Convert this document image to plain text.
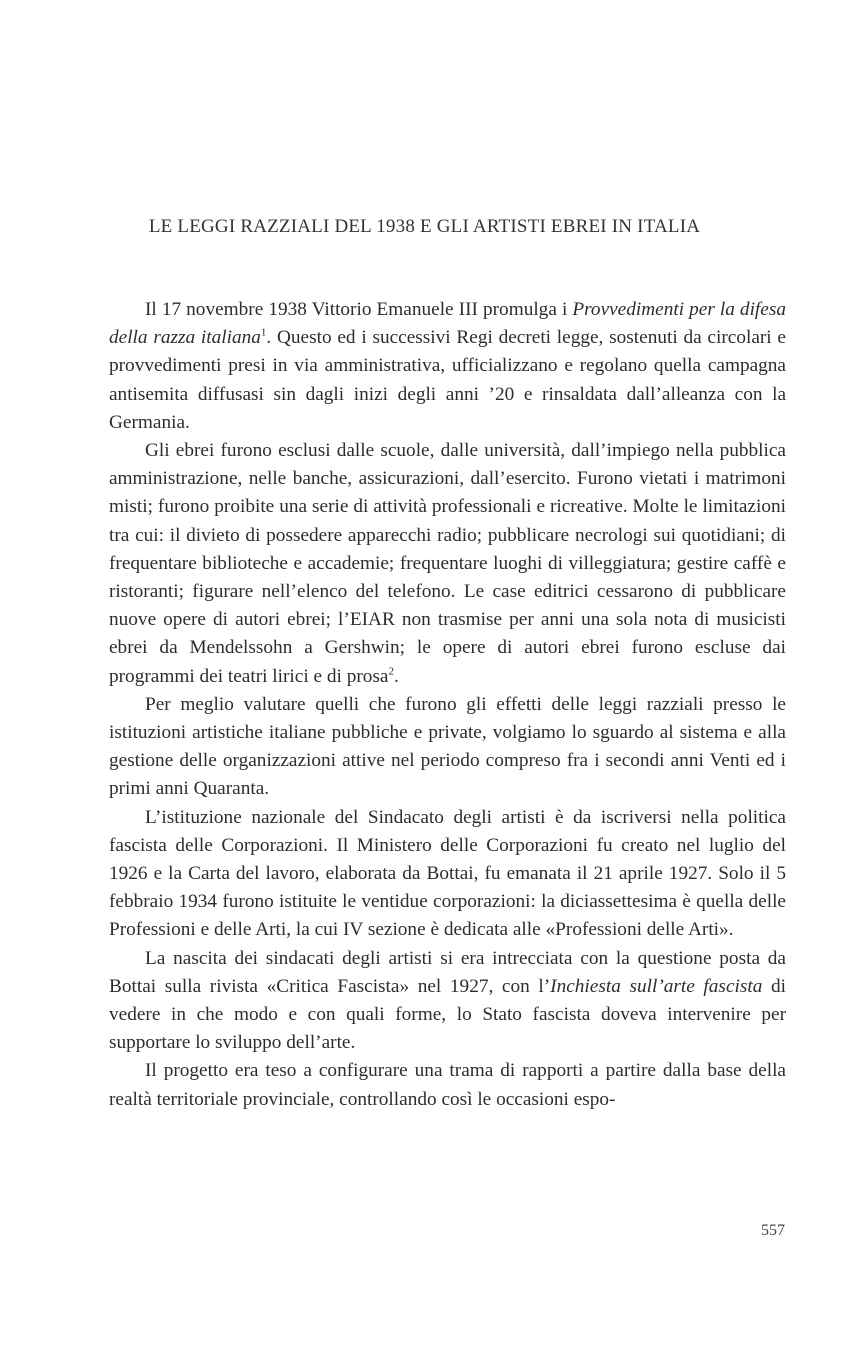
LE LEGGI RAZZIALI DEL 1938 E GLI ARTISTI EBREI IN ITALIA

Il 17 novembre 1938 Vittorio Emanuele III promulga i Provvedimenti per la difesa della razza italiana$^1$. Questo ed i successivi Regi decreti legge, sostenuti da circolari e provvedimenti presi in via amministrativa, ufficializzano e regolano quella campagna antisemita diffusasi sin dagli inizi degli anni ’20 e rinsaldata dall’alleanza con la Germania.

Gli ebrei furono esclusi dalle scuole, dalle università, dall’impiego nella pubblica amministrazione, nelle banche, assicurazioni, dall’esercito. Furono vietati i matrimoni misti; furono proibite una serie di attività professionali e ricreative. Molte le limitazioni tra cui: il divieto di possedere apparecchi radio; pubblicare necrologi sui quotidiani; di frequentare biblioteche e accademie; frequentare luoghi di villeggiatura; gestire caffè e ristoranti; figurare nell’elenco del telefono. Le case editrici cessarono di pubblicare nuove opere di autori ebrei; l’EIAR non trasmise per anni una sola nota di musicisti ebrei da Mendelssohn a Gershwin; le opere di autori ebrei furono escluse dai programmi dei teatri lirici e di prosa$^2$.

Per meglio valutare quelli che furono gli effetti delle leggi razziali presso le istituzioni artistiche italiane pubbliche e private, volgiamo lo sguardo al sistema e alla gestione delle organizzazioni attive nel periodo compreso fra i secondi anni Venti ed i primi anni Quaranta.

L’istituzione nazionale del Sindacato degli artisti è da iscriversi nella politica fascista delle Corporazioni. Il Ministero delle Corporazioni fu creato nel luglio del 1926 e la Carta del lavoro, elaborata da Bottai, fu emanata il 21 aprile 1927. Solo il 5 febbraio 1934 furono istituite le ventidue corporazioni: la diciassettesima è quella delle Professioni e delle Arti, la cui IV sezione è dedicata alle «Professioni delle Arti».

La nascita dei sindacati degli artisti si era intrecciata con la questione posta da Bottai sulla rivista «Critica Fascista» nel 1927, con l’Inchiesta sull’arte fascista di vedere in che modo e con quali forme, lo Stato fascista doveva intervenire per supportare lo sviluppo dell’arte.

Il progetto era teso a configurare una trama di rapporti a partire dalla base della realtà territoriale provinciale, controllando così le occasioni espo-

557
